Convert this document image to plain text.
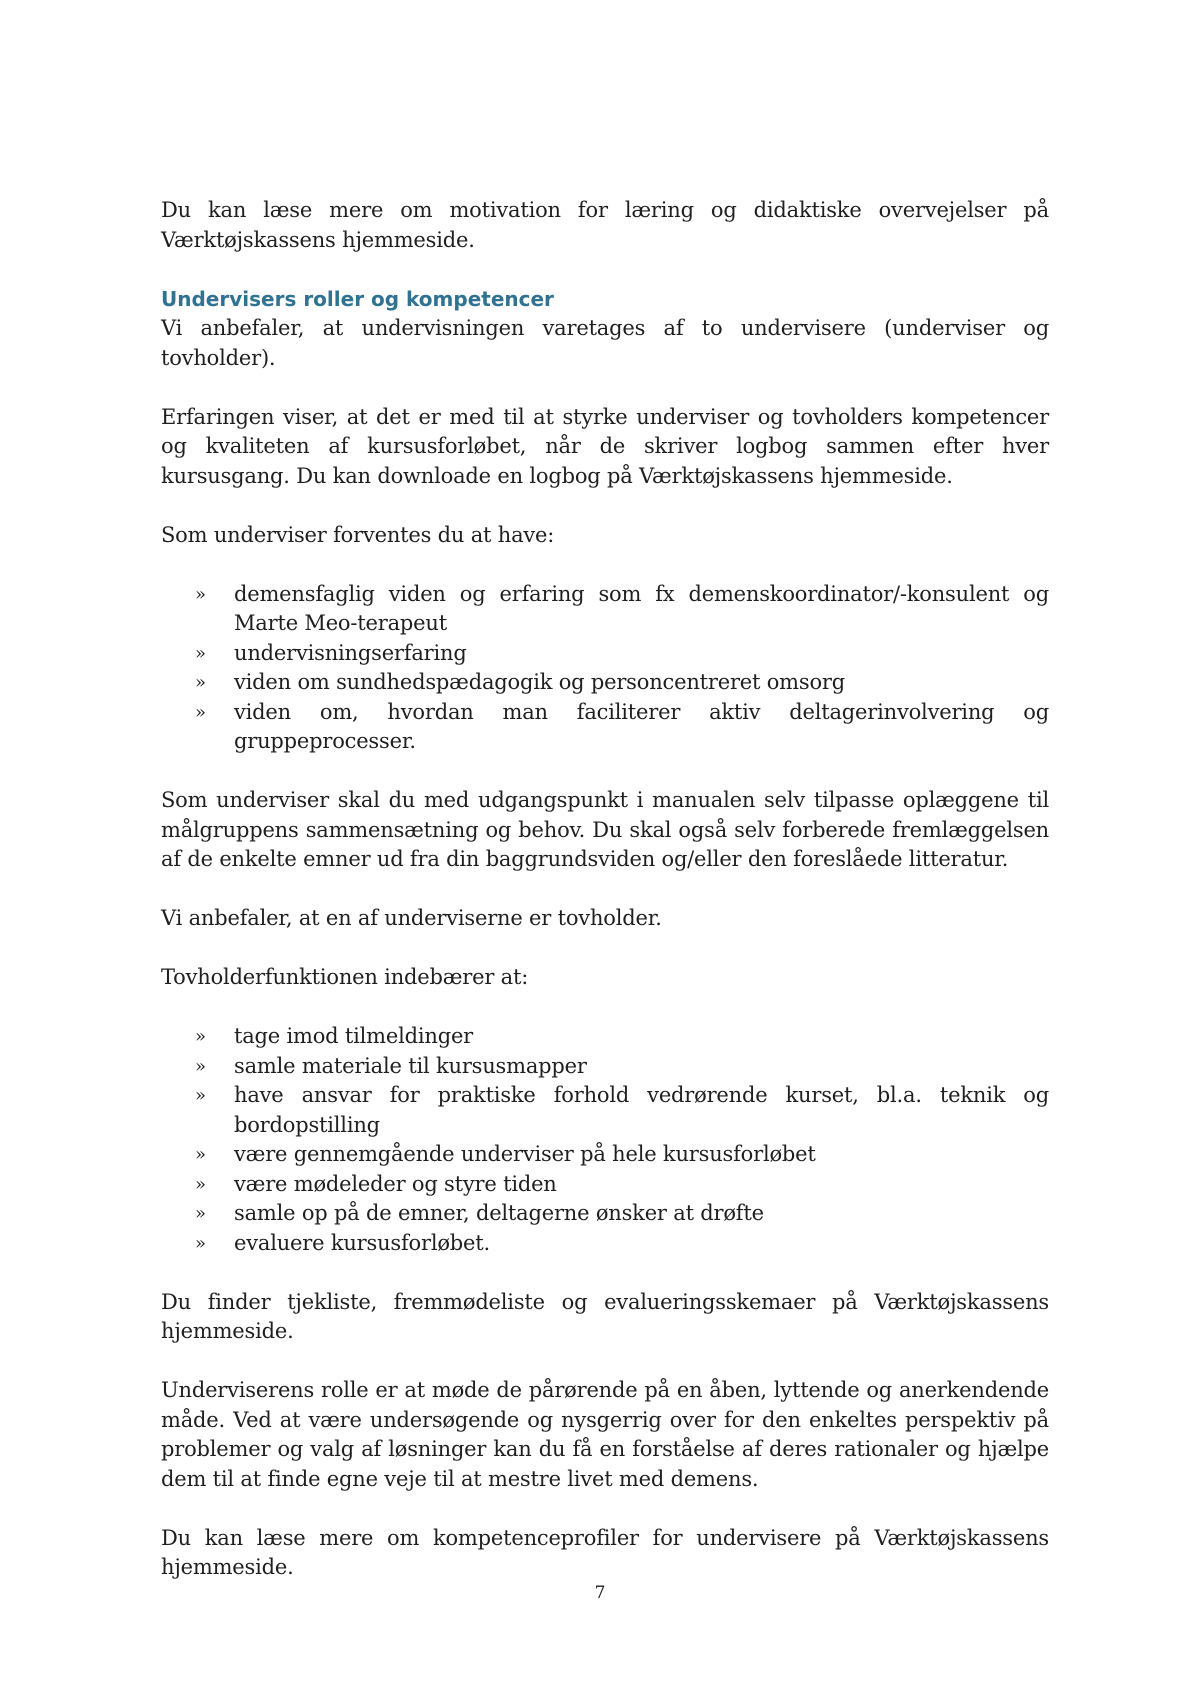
Du kan læse mere om motivation for læring og didaktiske overvejelser på Værktøjskassens hjemmeside.

Undervisers roller og kompetencer

Vi anbefaler, at undervisningen varetages af to undervisere (underviser og tovholder).

Erfaringen viser, at det er med til at styrke underviser og tovholders kompetencer og kvaliteten af kursusforløbet, når de skriver logbog sammen efter hver kursusgang. Du kan downloade en logbog på Værktøjskassens hjemmeside.

Som underviser forventes du at have:

» demensfaglig viden og erfaring som fx demenskoordinator/-konsulent og Marte Meo-terapeut
» undervisningserfaring
» viden om sundhedspædagogik og personcentreret omsorg
» viden om, hvordan man faciliterer aktiv deltagerinvolvering og gruppeprocesser.

Som underviser skal du med udgangspunkt i manualen selv tilpasse oplæggene til målgruppens sammensætning og behov. Du skal også selv forberede fremlæggelsen af de enkelte emner ud fra din baggrundsviden og/eller den foreslåede litteratur.

Vi anbefaler, at en af underviserne er tovholder.

Tovholderfunktionen indebærer at:

» tage imod tilmeldinger
» samle materiale til kursusmapper
» have ansvar for praktiske forhold vedrørende kurset, bl.a. teknik og bordopstilling
» være gennemgående underviser på hele kursusforløbet
» være mødeleder og styre tiden
» samle op på de emner, deltagerne ønsker at drøfte
» evaluere kursusforløbet.

Du finder tjekliste, fremmødeliste og evalueringsskemaer på Værktøjskassens hjemmeside.

Underviserens rolle er at møde de pårørende på en åben, lyttende og anerkendende måde. Ved at være undersøgende og nysgerrig over for den enkeltes perspektiv på problemer og valg af løsninger kan du få en forståelse af deres rationaler og hjælpe dem til at finde egne veje til at mestre livet med demens.

Du kan læse mere om kompetenceprofiler for undervisere på Værktøjskassens hjemmeside.

7
